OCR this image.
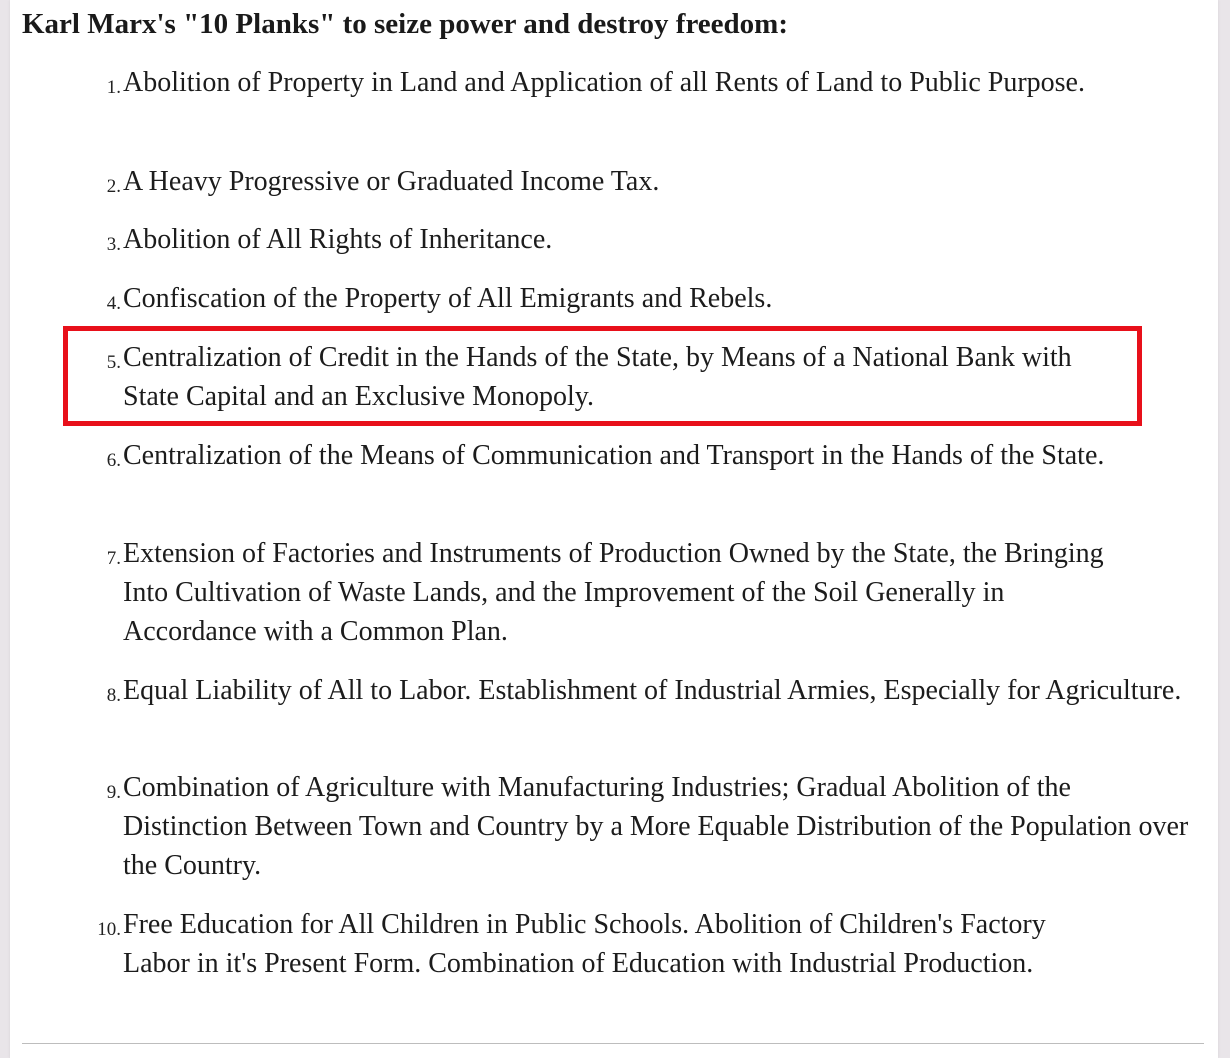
Karl Marx's "10 Planks" to seize power and destroy freedom:
1. Abolition of Property in Land and Application of all Rents of Land to Public Purpose.
2. A Heavy Progressive or Graduated Income Tax.
3. Abolition of All Rights of Inheritance.
4. Confiscation of the Property of All Emigrants and Rebels.
5. Centralization of Credit in the Hands of the State, by Means of a National Bank with State Capital and an Exclusive Monopoly.
6. Centralization of the Means of Communication and Transport in the Hands of the State.
7. Extension of Factories and Instruments of Production Owned by the State, the Bringing Into Cultivation of Waste Lands, and the Improvement of the Soil Generally in Accordance with a Common Plan.
8. Equal Liability of All to Labor. Establishment of Industrial Armies, Especially for Agriculture.
9. Combination of Agriculture with Manufacturing Industries; Gradual Abolition of the Distinction Between Town and Country by a More Equable Distribution of the Population over the Country.
10. Free Education for All Children in Public Schools. Abolition of Children's Factory Labor in it's Present Form. Combination of Education with Industrial Production.
